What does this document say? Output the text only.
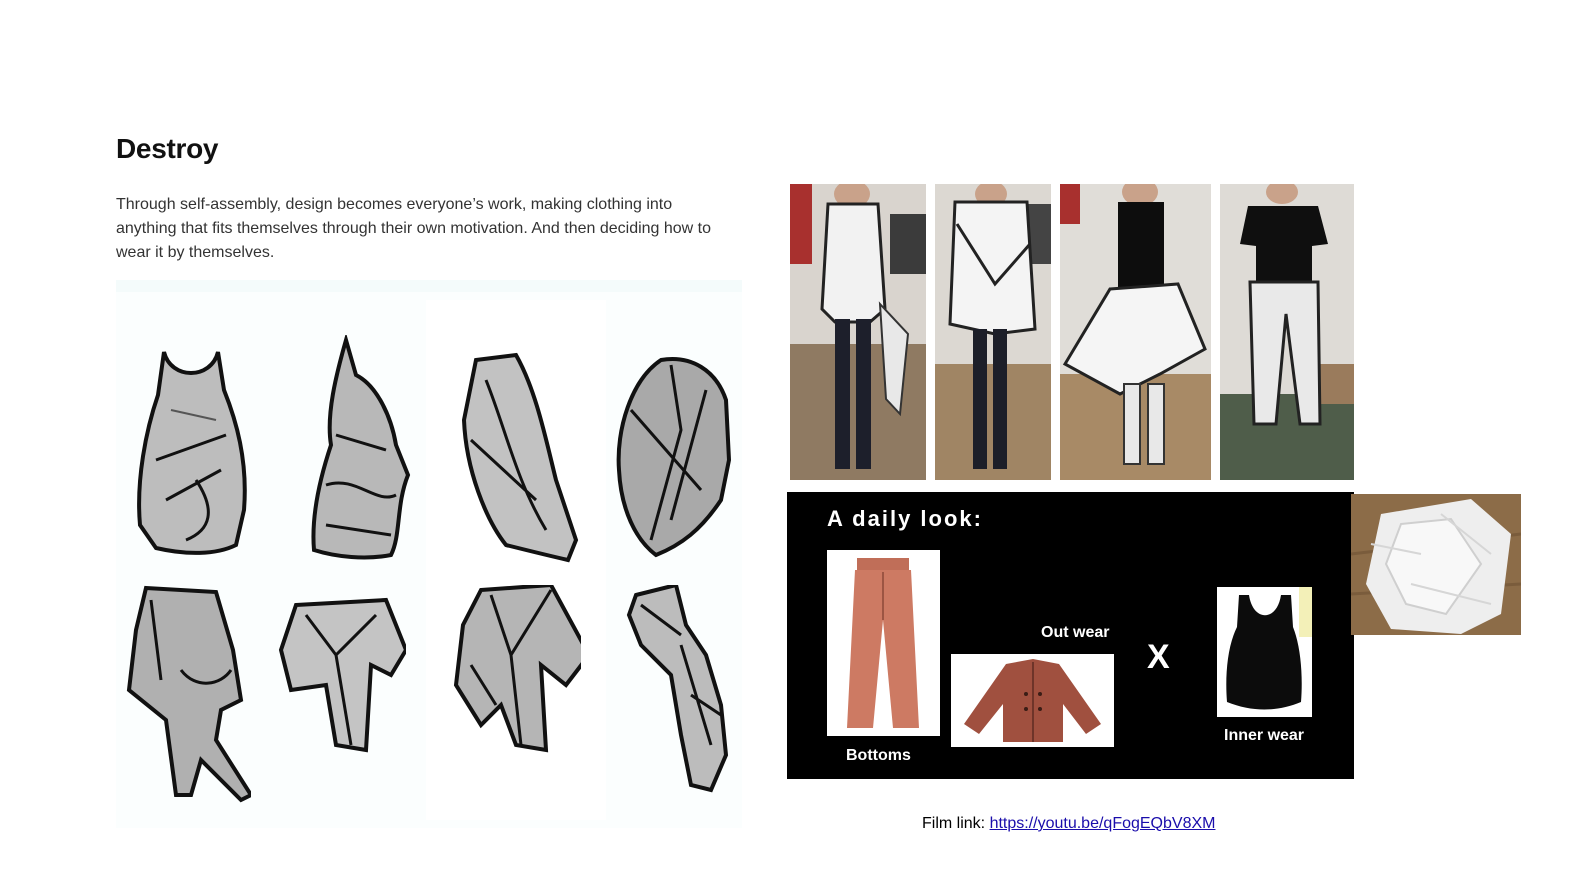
Destroy

Through self-assembly, design becomes everyone’s work, making clothing into anything that fits themselves through their own motivation. And then deciding how to wear it by themselves.

A daily look:
Bottoms
Out wear
X
Inner wear
Film link: https://youtu.be/qFogEQbV8XM
